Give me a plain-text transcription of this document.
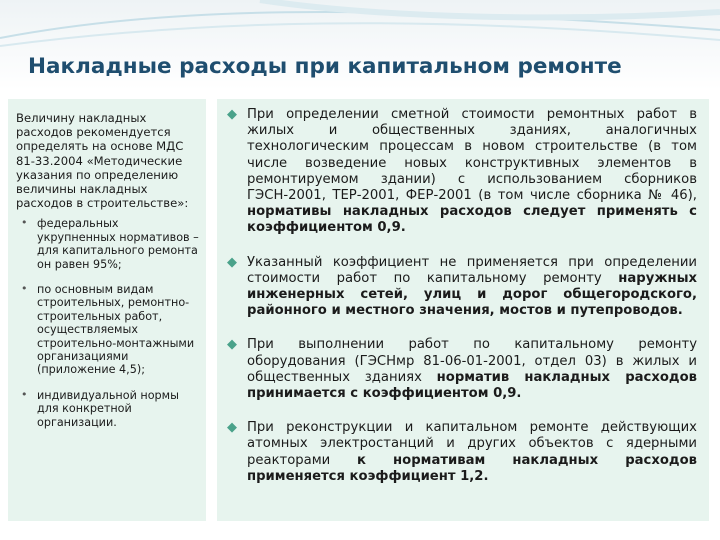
Накладные расходы при капитальном ремонте
Величину накладных расходов рекомендуется определять на основе МДС 81-33.2004 «Методические указания по определению величины накладных расходов в строительстве»:
• федеральных укрупненных нормативов – для капитального ремонта он равен 95%;
• по основным видам строительных, ремонтно-строительных работ, осуществляемых строительно-монтажными организациями (приложение 4,5);
• индивидуальной нормы для конкретной организации.
◆ При определении сметной стоимости ремонтных работ в жилых и общественных зданиях, аналогичных технологическим процессам в новом строительстве (в том числе возведение новых конструктивных элементов в ремонтируемом здании) с использованием сборников ГЭСН-2001, ТЕР-2001, ФЕР-2001 (в том числе сборника № 46), нормативы накладных расходов следует применять с коэффициентом 0,9.
◆ Указанный коэффициент не применяется при определении стоимости работ по капитальному ремонту наружных инженерных сетей, улиц и дорог общегородского, районного и местного значения, мостов и путепроводов.
◆ При выполнении работ по капитальному ремонту оборудования (ГЭСНмр 81-06-01-2001, отдел 03) в жилых и общественных зданиях норматив накладных расходов принимается с коэффициентом 0,9.
◆ При реконструкции и капитальном ремонте действующих атомных электростанций и других объектов с ядерными реакторами к нормативам накладных расходов применяется коэффициент 1,2.
